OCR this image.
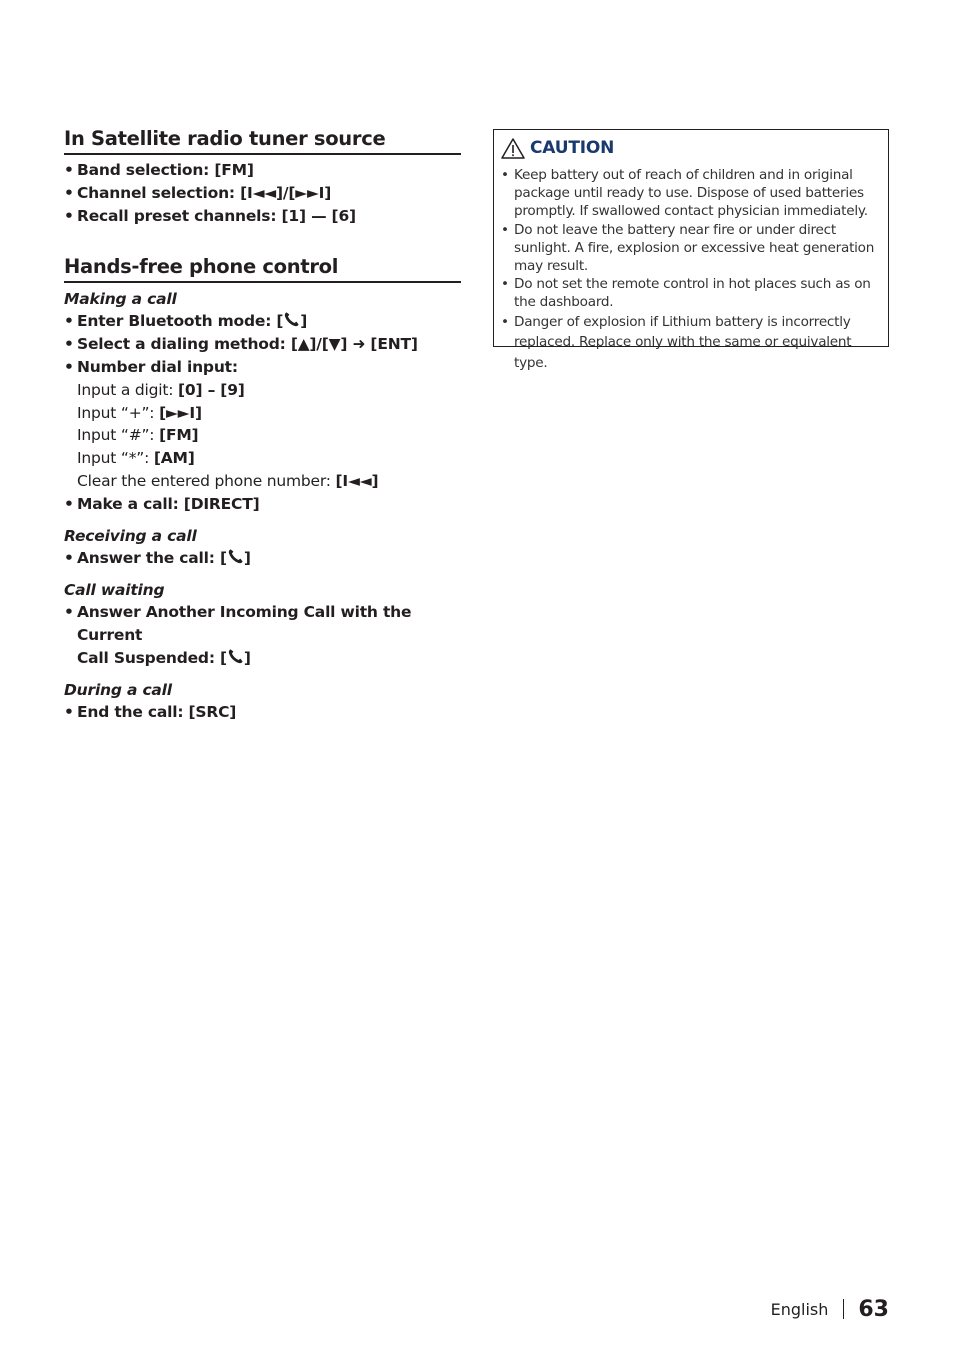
In Satellite radio tuner source
• Band selection: [FM]
• Channel selection: [I◄◄]/[►►I]
• Recall preset channels: [1] — [6]
Hands-free phone control
Making a call
• Enter Bluetooth mode: [ ]
• Select a dialing method: [▲]/[▼] ➜ [ENT]
• Number dial input:
Input a digit: [0] – [9]
Input “+”: [►►I]
Input “#”: [FM]
Input “*”: [AM]
Clear the entered phone number: [I◄◄]
• Make a call: [DIRECT]
Receiving a call
• Answer the call: [ ]
Call waiting
• Answer Another Incoming Call with the Current
Call Suspended: [ ]
During a call
• End the call: [SRC]
CAUTION
• Keep battery out of reach of children and in original package until ready to use. Dispose of used batteries promptly. If swallowed contact physician immediately.
• Do not leave the battery near fire or under direct sunlight. A fire, explosion or excessive heat generation may result.
• Do not set the remote control in hot places such as on the dashboard.
• Danger of explosion if Lithium battery is incorrectly replaced. Replace only with the same or equivalent type.
English 63
